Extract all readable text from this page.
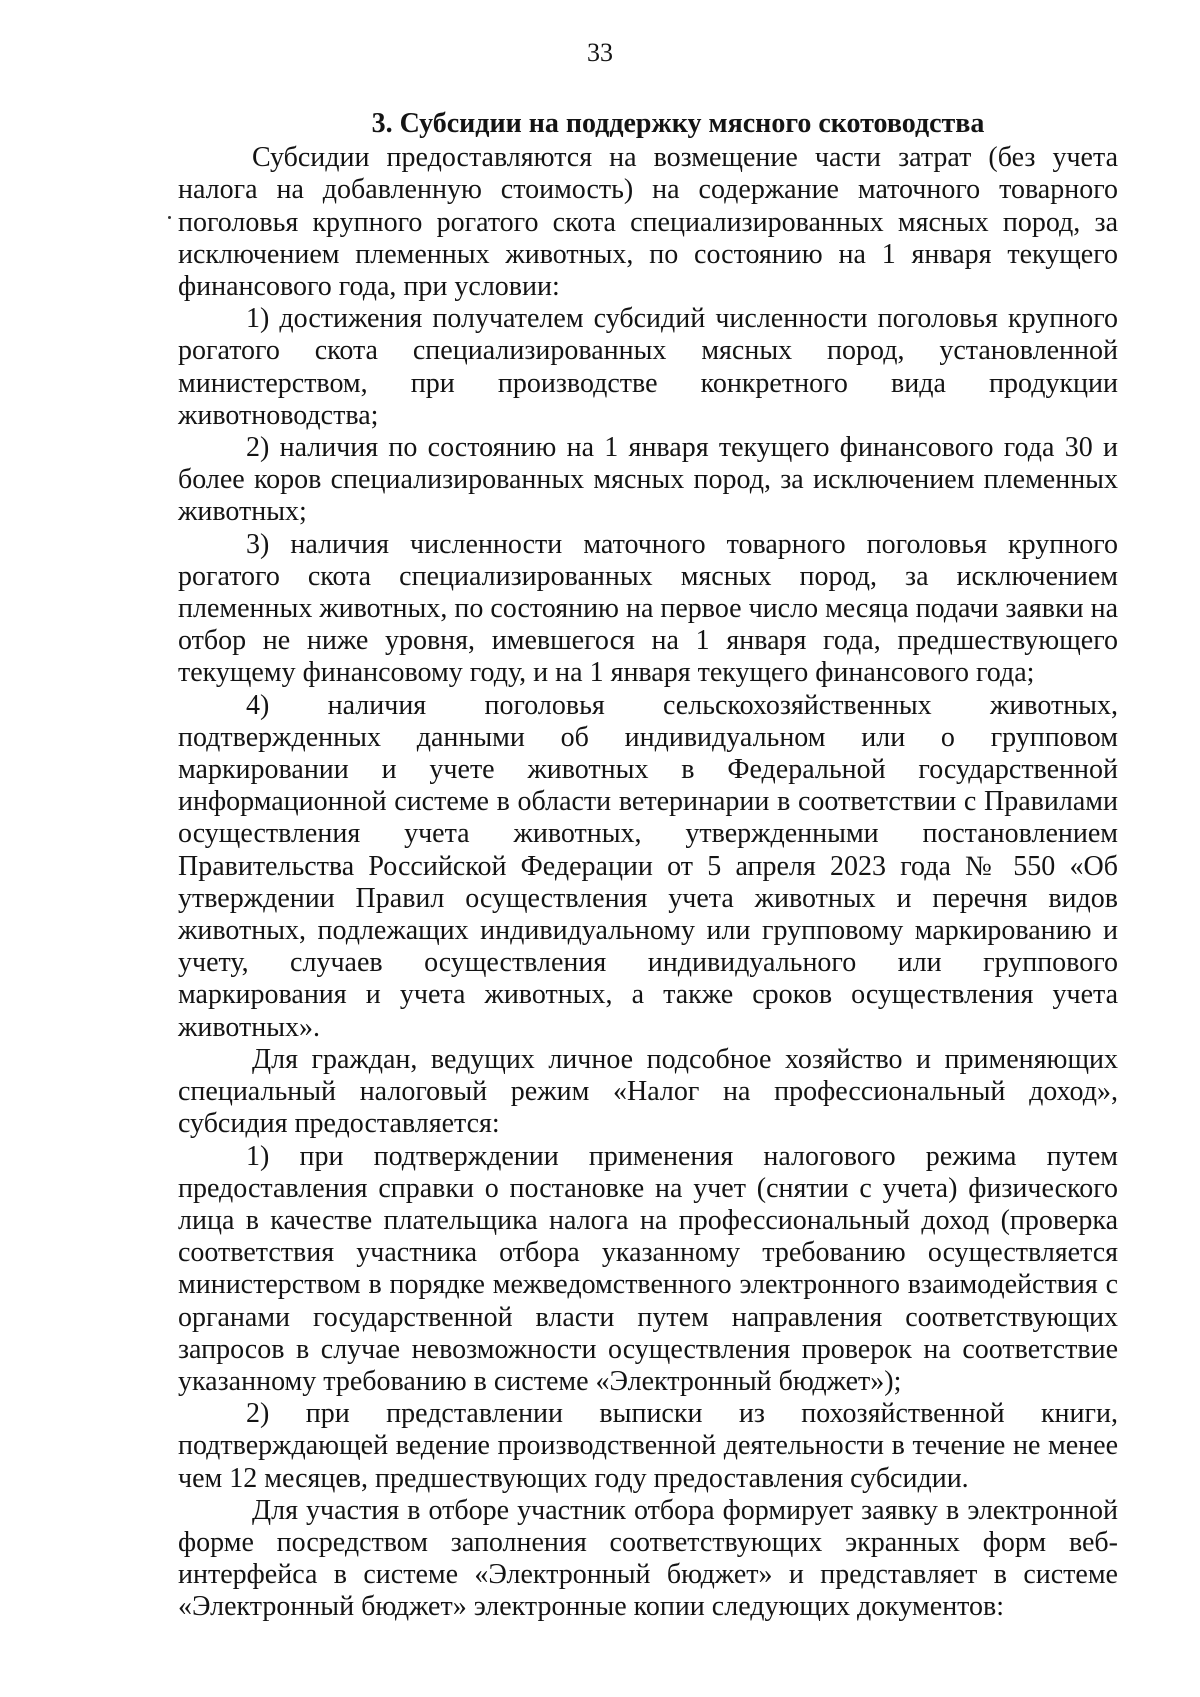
33

3. Субсидии на поддержку мясного скотоводства

Субсидии предоставляются на возмещение части затрат (без учета налога на добавленную стоимость) на содержание маточного товарного поголовья крупного рогатого скота специализированных мясных пород, за исключением племенных животных, по состоянию на 1 января текущего финансового года, при условии:

1) достижения получателем субсидий численности поголовья крупного рогатого скота специализированных мясных пород, установленной министерством, при производстве конкретного вида продукции животноводства;

2) наличия по состоянию на 1 января текущего финансового года 30 и более коров специализированных мясных пород, за исключением племенных животных;

3) наличия численности маточного товарного поголовья крупного рогатого скота специализированных мясных пород, за исключением племенных животных, по состоянию на первое число месяца подачи заявки на отбор не ниже уровня, имевшегося на 1 января года, предшествующего текущему финансовому году, и на 1 января текущего финансового года;

4) наличия поголовья сельскохозяйственных животных, подтвержденных данными об индивидуальном или о групповом маркировании и учете животных в Федеральной государственной информационной системе в области ветеринарии в соответствии с Правилами осуществления учета животных, утвержденными постановлением Правительства Российской Федерации от 5 апреля 2023 года № 550 «Об утверждении Правил осуществления учета животных и перечня видов животных, подлежащих индивидуальному или групповому маркированию и учету, случаев осуществления индивидуального или группового маркирования и учета животных, а также сроков осуществления учета животных».

Для граждан, ведущих личное подсобное хозяйство и применяющих специальный налоговый режим «Налог на профессиональный доход», субсидия предоставляется:

1) при подтверждении применения налогового режима путем предоставления справки о постановке на учет (снятии с учета) физического лица в качестве плательщика налога на профессиональный доход (проверка соответствия участника отбора указанному требованию осуществляется министерством в порядке межведомственного электронного взаимодействия с органами государственной власти путем направления соответствующих запросов в случае невозможности осуществления проверок на соответствие указанному требованию в системе «Электронный бюджет»);

2) при представлении выписки из похозяйственной книги, подтверждающей ведение производственной деятельности в течение не менее чем 12 месяцев, предшествующих году предоставления субсидии.

Для участия в отборе участник отбора формирует заявку в электронной форме посредством заполнения соответствующих экранных форм веб-интерфейса в системе «Электронный бюджет» и представляет в системе «Электронный бюджет» электронные копии следующих документов:
